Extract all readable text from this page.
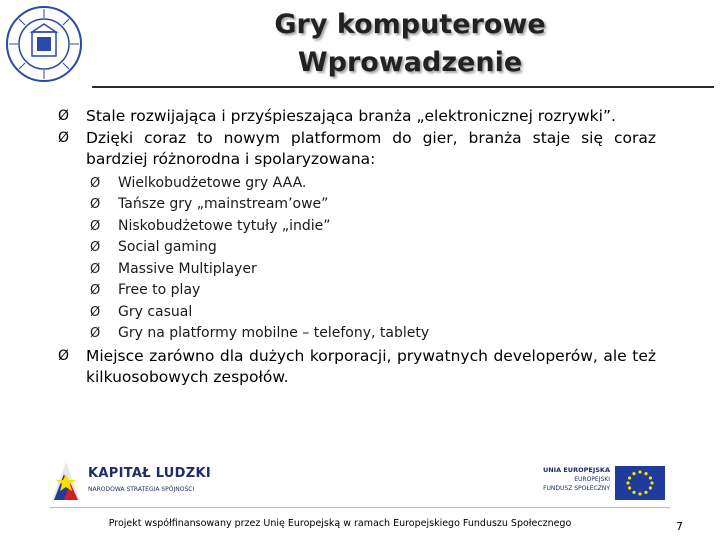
Gry komputerowe
Wprowadzenie
Ø Stale rozwijająca i przyśpieszająca branża „elektronicznej rozrywki”.
Ø Dzięki coraz to nowym platformom do gier, branża staje się coraz bardziej różnorodna i spolaryzowana:
Ø Wielkobudżetowe gry AAA.
Ø Tańsze gry „mainstream’owe”
Ø Niskobudżetowe tytuły „indie”
Ø Social gaming
Ø Massive Multiplayer
Ø Free to play
Ø Gry casual
Ø Gry na platformy mobilne – telefony, tablety
Ø Miejsce zarówno dla dużych korporacji, prywatnych developerów, ale też kilkuosobowych zespołów.
KAPITAŁ LUDZKI
NARODOWA STRATEGIA SPÓJNOŚCI
UNIA EUROPEJSKA
EUROPEJSKI
FUNDUSZ SPOŁECZNY
Projekt współfinansowany przez Unię Europejską w ramach Europejskiego Funduszu Społecznego	7
